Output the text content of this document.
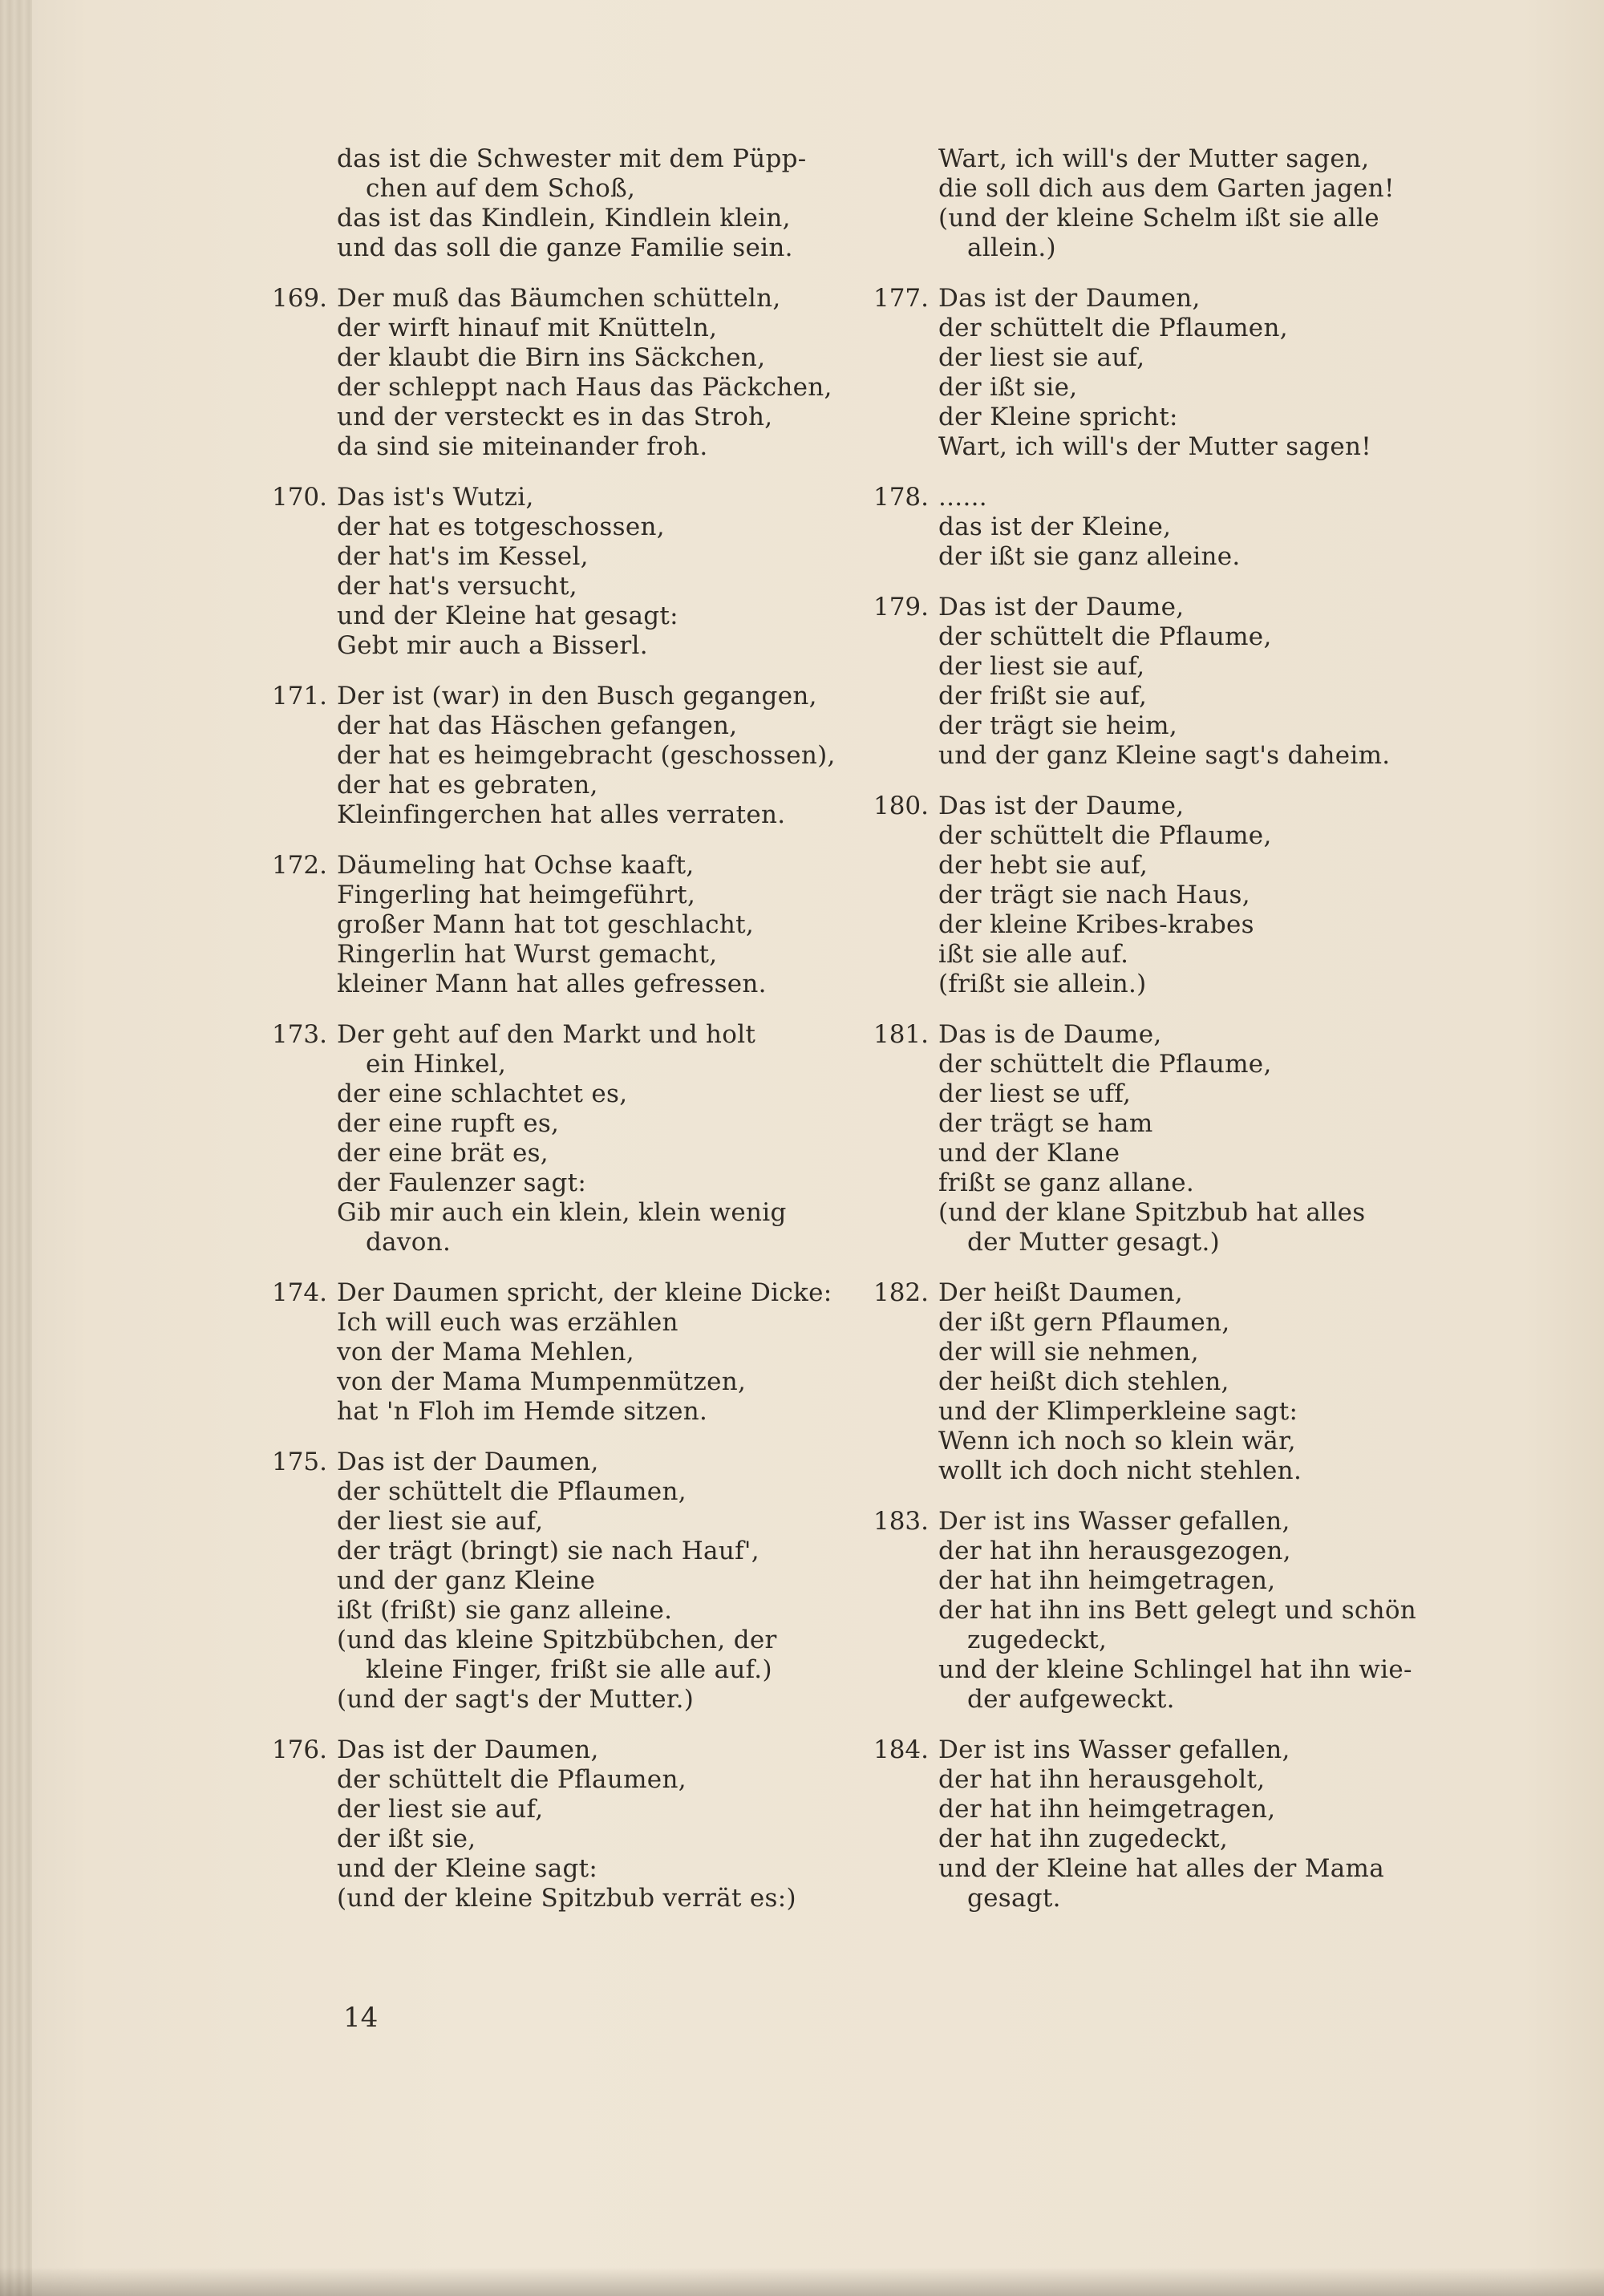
das ist die Schwester mit dem Püpp-
chen auf dem Schoß,
das ist das Kindlein, Kindlein klein,
und das soll die ganze Familie sein.
169. Der muß das Bäumchen schütteln,
der wirft hinauf mit Knütteln,
der klaubt die Birn ins Säckchen,
der schleppt nach Haus das Päckchen,
und der versteckt es in das Stroh,
da sind sie miteinander froh.
170. Das ist's Wutzi,
der hat es totgeschossen,
der hat's im Kessel,
der hat's versucht,
und der Kleine hat gesagt:
Gebt mir auch a Bisserl.
171. Der ist (war) in den Busch gegangen,
der hat das Häschen gefangen,
der hat es heimgebracht (geschossen),
der hat es gebraten,
Kleinfingerchen hat alles verraten.
172. Däumeling hat Ochse kaaft,
Fingerling hat heimgeführt,
großer Mann hat tot geschlacht,
Ringerlin hat Wurst gemacht,
kleiner Mann hat alles gefressen.
173. Der geht auf den Markt und holt
ein Hinkel,
der eine schlachtet es,
der eine rupft es,
der eine brät es,
der Faulenzer sagt:
Gib mir auch ein klein, klein wenig
davon.
174. Der Daumen spricht, der kleine Dicke:
Ich will euch was erzählen
von der Mama Mehlen,
von der Mama Mumpenmützen,
hat 'n Floh im Hemde sitzen.
175. Das ist der Daumen,
der schüttelt die Pflaumen,
der liest sie auf,
der trägt (bringt) sie nach Hauf',
und der ganz Kleine
ißt (frißt) sie ganz alleine.
(und das kleine Spitzbübchen, der
kleine Finger, frißt sie alle auf.)
(und der sagt's der Mutter.)
176. Das ist der Daumen,
der schüttelt die Pflaumen,
der liest sie auf,
der ißt sie,
und der Kleine sagt:
(und der kleine Spitzbub verrät es:)
Wart, ich will's der Mutter sagen,
die soll dich aus dem Garten jagen!
(und der kleine Schelm ißt sie alle
allein.)
177. Das ist der Daumen,
der schüttelt die Pflaumen,
der liest sie auf,
der ißt sie,
der Kleine spricht:
Wart, ich will's der Mutter sagen!
178. ......
das ist der Kleine,
der ißt sie ganz alleine.
179. Das ist der Daume,
der schüttelt die Pflaume,
der liest sie auf,
der frißt sie auf,
der trägt sie heim,
und der ganz Kleine sagt's daheim.
180. Das ist der Daume,
der schüttelt die Pflaume,
der hebt sie auf,
der trägt sie nach Haus,
der kleine Kribes-krabes
ißt sie alle auf.
(frißt sie allein.)
181. Das is de Daume,
der schüttelt die Pflaume,
der liest se uff,
der trägt se ham
und der Klane
frißt se ganz allane.
(und der klane Spitzbub hat alles
der Mutter gesagt.)
182. Der heißt Daumen,
der ißt gern Pflaumen,
der will sie nehmen,
der heißt dich stehlen,
und der Klimperkleine sagt:
Wenn ich noch so klein wär,
wollt ich doch nicht stehlen.
183. Der ist ins Wasser gefallen,
der hat ihn herausgezogen,
der hat ihn heimgetragen,
der hat ihn ins Bett gelegt und schön
zugedeckt,
und der kleine Schlingel hat ihn wie-
der aufgeweckt.
184. Der ist ins Wasser gefallen,
der hat ihn herausgeholt,
der hat ihn heimgetragen,
der hat ihn zugedeckt,
und der Kleine hat alles der Mama
gesagt.
14
